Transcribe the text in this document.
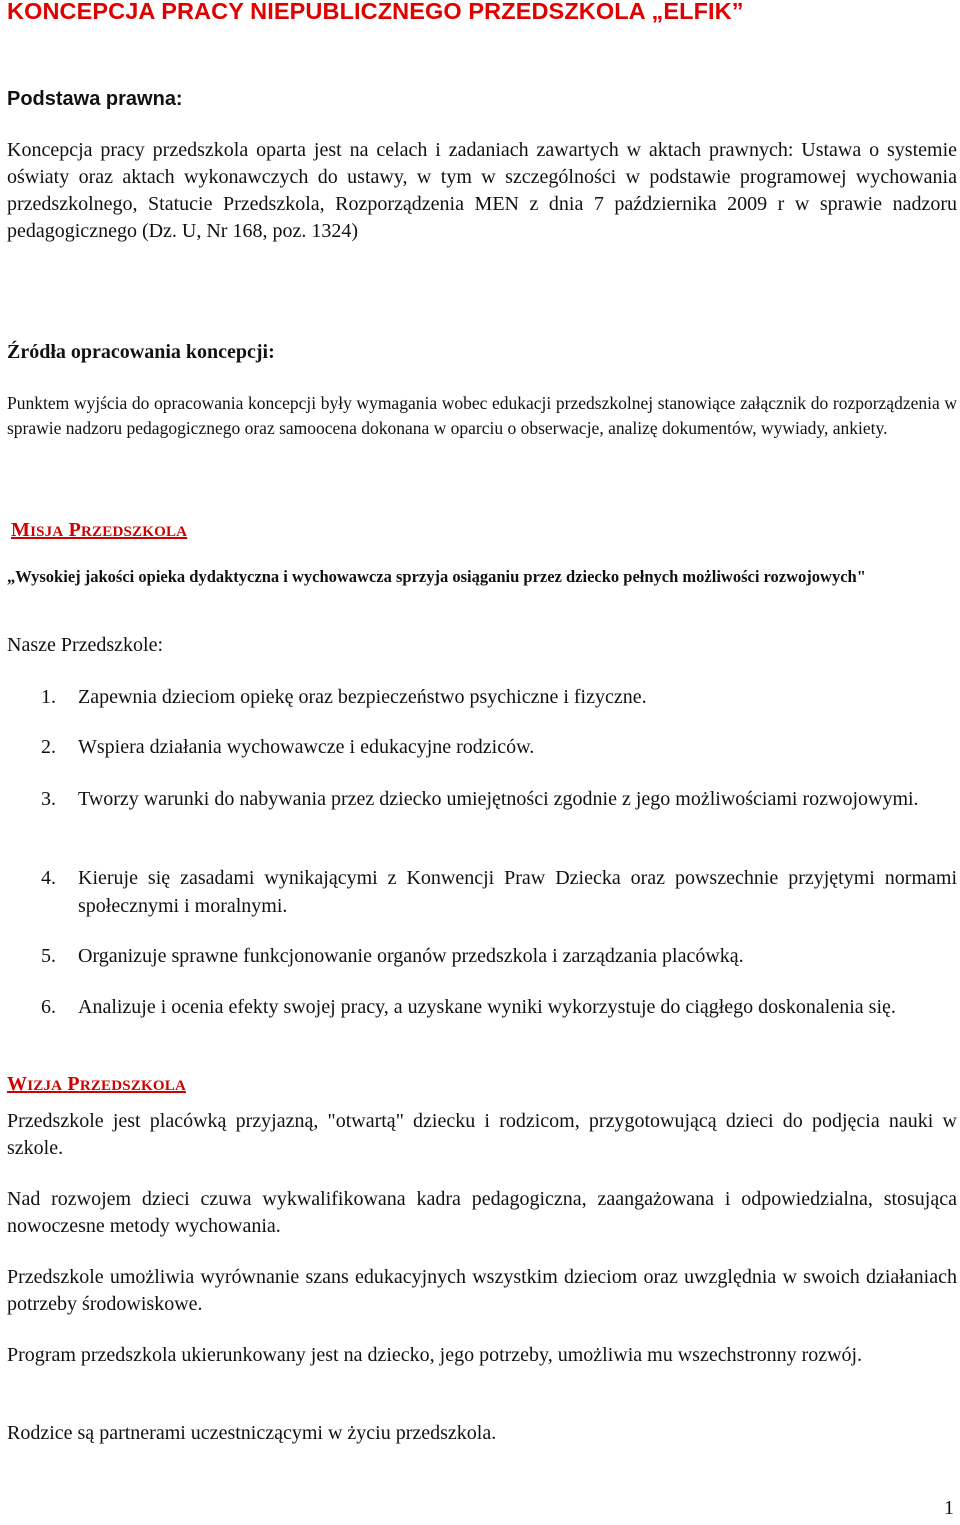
KONCEPCJA PRACY NIEPUBLICZNEGO PRZEDSZKOLA „ELFIK”
Podstawa prawna:
Koncepcja pracy przedszkola oparta jest na celach i zadaniach zawartych w aktach prawnych: Ustawa o systemie oświaty oraz aktach wykonawczych do ustawy, w tym w szczególności w podstawie programowej wychowania przedszkolnego, Statucie Przedszkola, Rozporządzenia MEN z dnia 7 października 2009 r w sprawie nadzoru pedagogicznego (Dz. U, Nr 168, poz. 1324)
Źródła opracowania koncepcji:
Punktem wyjścia do opracowania koncepcji były wymagania wobec edukacji przedszkolnej stanowiące załącznik do rozporządzenia w sprawie nadzoru pedagogicznego oraz samoocena dokonana w oparciu o obserwacje, analizę dokumentów, wywiady, ankiety.
MISJA PRZEDSZKOLA
„Wysokiej jakości opieka dydaktyczna i wychowawcza sprzyja osiąganiu przez dziecko pełnych możliwości rozwojowych"
Nasze Przedszkole:
1. Zapewnia dzieciom opiekę oraz bezpieczeństwo psychiczne i fizyczne.
2. Wspiera działania wychowawcze i edukacyjne rodziców.
3. Tworzy warunki do nabywania przez dziecko umiejętności zgodnie z jego możliwościami rozwojowymi.
4. Kieruje się zasadami wynikającymi z Konwencji Praw Dziecka oraz powszechnie przyjętymi normami społecznymi i moralnymi.
5. Organizuje sprawne funkcjonowanie organów przedszkola i zarządzania placówką.
6. Analizuje i ocenia efekty swojej pracy, a uzyskane wyniki wykorzystuje do ciągłego doskonalenia się.
WIZJA PRZEDSZKOLA
Przedszkole jest placówką przyjazną, "otwartą" dziecku i rodzicom, przygotowującą dzieci do podjęcia nauki w szkole.
Nad rozwojem dzieci czuwa wykwalifikowana kadra pedagogiczna, zaangażowana i odpowiedzialna, stosująca nowoczesne metody wychowania.
Przedszkole umożliwia wyrównanie szans edukacyjnych wszystkim dzieciom oraz uwzględnia w swoich działaniach potrzeby środowiskowe.
Program przedszkola ukierunkowany jest na dziecko, jego potrzeby, umożliwia mu wszechstronny rozwój.
Rodzice są partnerami uczestniczącymi w życiu przedszkola.
1
